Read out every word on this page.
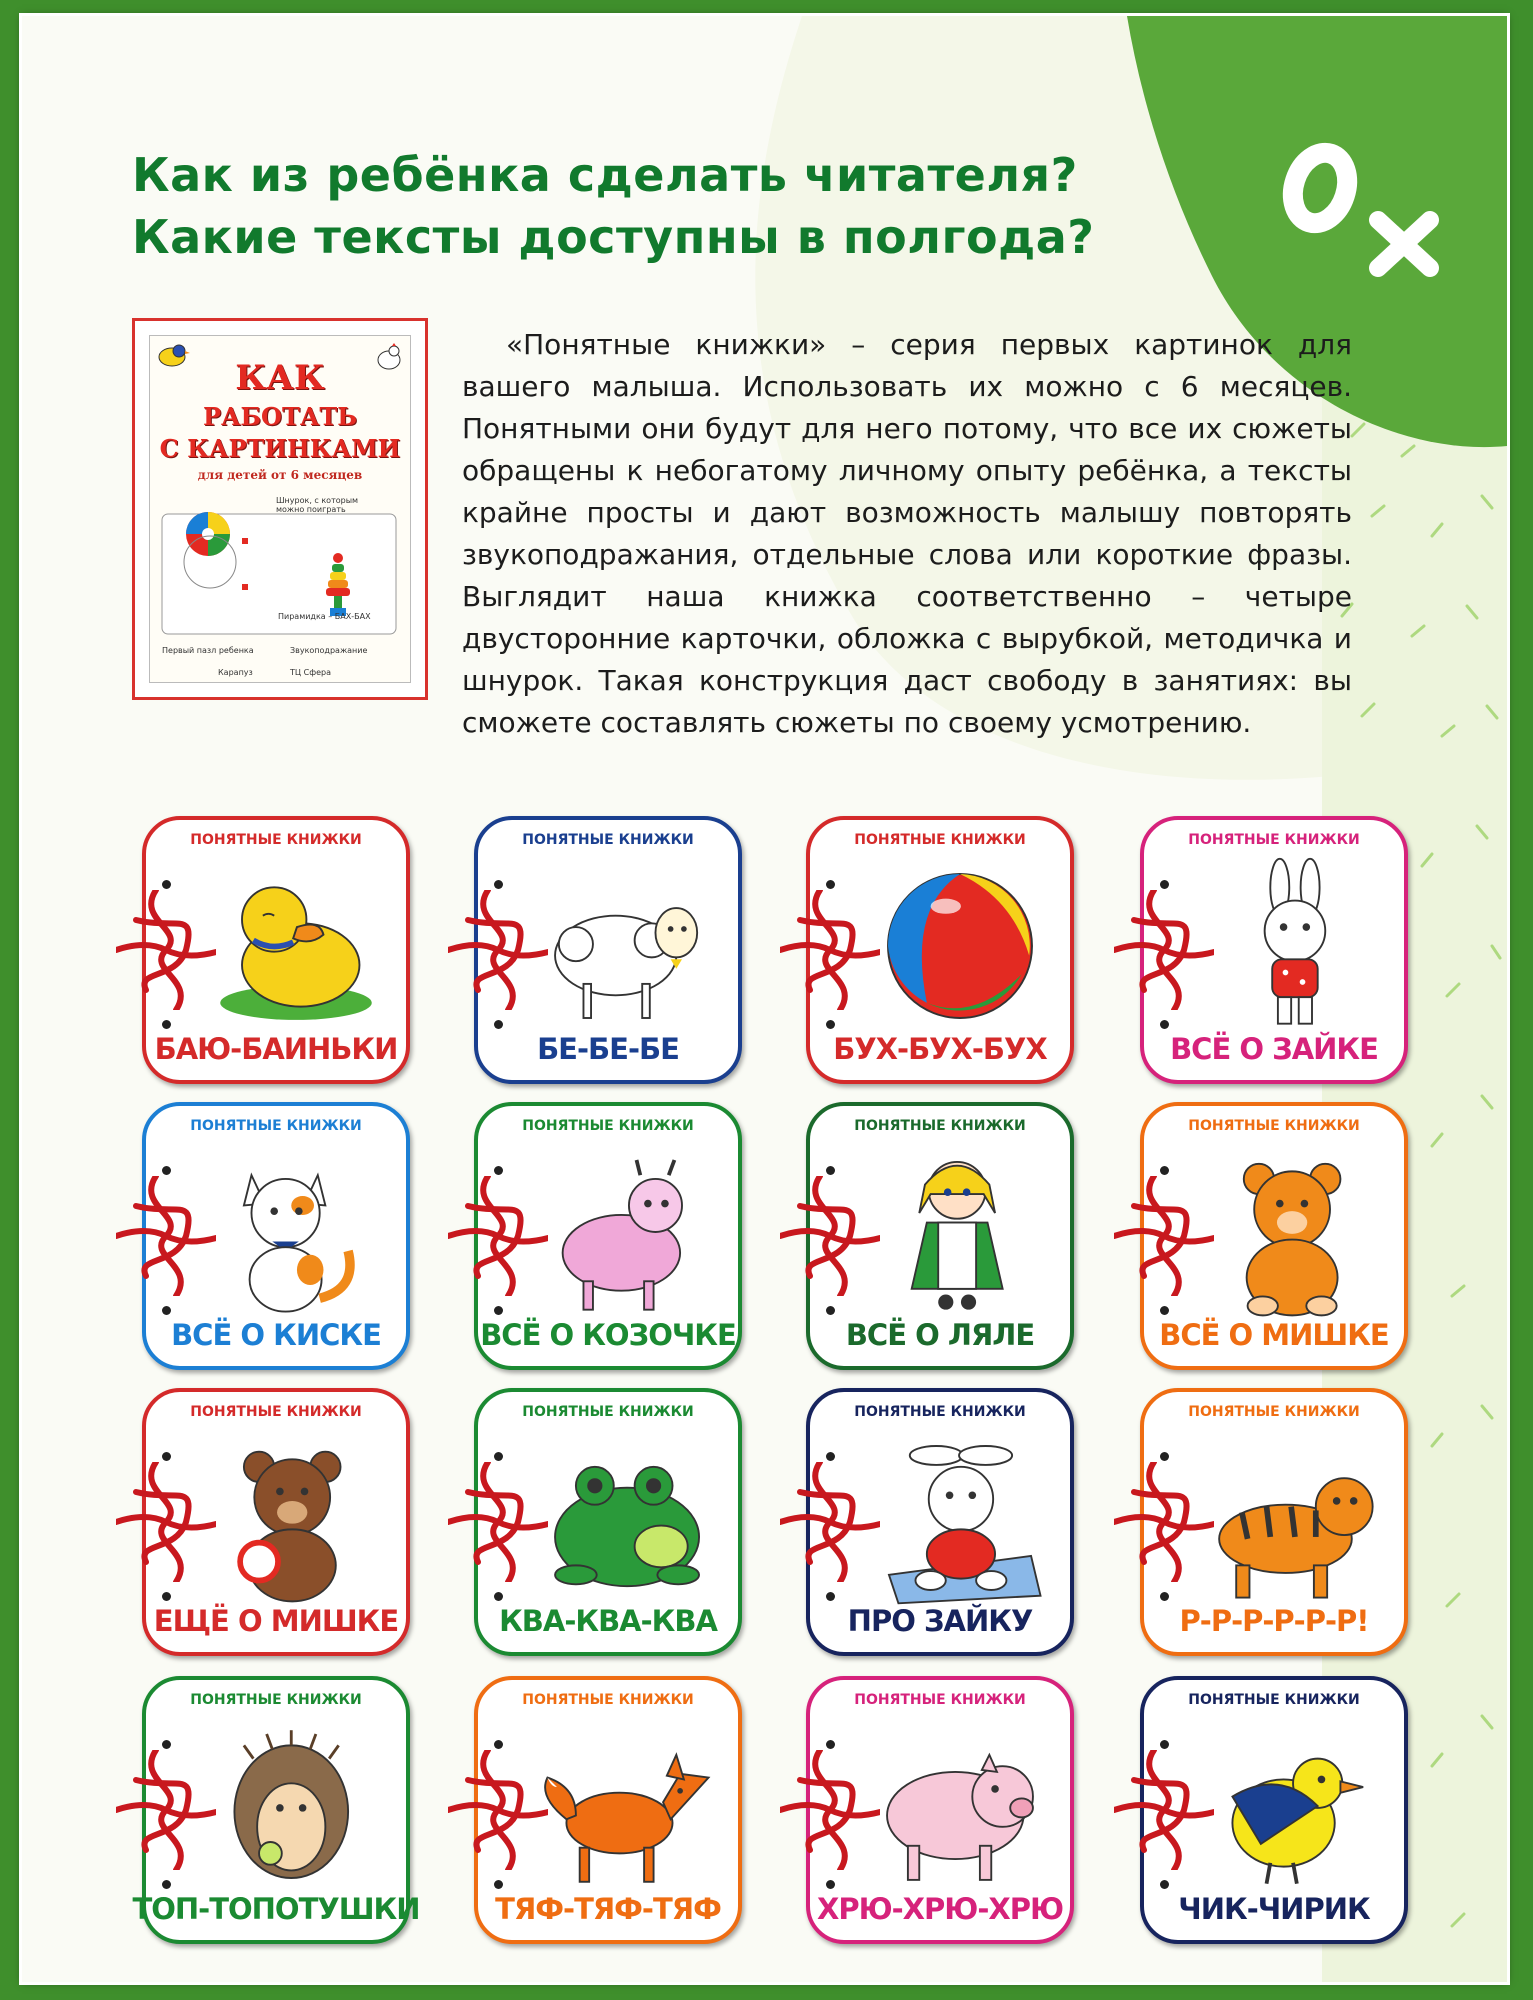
Как из ребёнка сделать читателя?
Какие тексты доступны в полгода?
КАК
РАБОТАТЬ
С КАРТИНКАМИ
для детей от 6 месяцев
Шнурок, с которым можно поиграть
Пирамидка – БАХ-БАХ
Первый пазл ребенка	Звукоподражание
Карапуз	ТЦ Сфера

«Понятные книжки» – серия первых картинок для вашего малыша. Использовать их можно с 6 месяцев. Понятными они будут для него потому, что все их сюжеты обращены к небогатому личному опыту ребёнка, а тексты крайне просты и дают возможность малышу повторять звукоподражания, отдельные слова или короткие фразы. Выглядит наша книжка соответственно – четыре двусторонние карточки, обложка с вырубкой, методичка и шнурок. Такая конструкция даст свободу в занятиях: вы сможете составлять сюжеты по своему усмотрению.

ПОНЯТНЫЕ КНИЖКИ
БАЮ-БАИНЬКИ
ПОНЯТНЫЕ КНИЖКИ
БЕ-БЕ-БЕ
ПОНЯТНЫЕ КНИЖКИ
БУХ-БУХ-БУХ
ПОНЯТНЫЕ КНИЖКИ
ВСЁ О ЗАЙКЕ
ПОНЯТНЫЕ КНИЖКИ
ВСЁ О КИСКЕ
ПОНЯТНЫЕ КНИЖКИ
ВСЁ О КОЗОЧКЕ
ПОНЯТНЫЕ КНИЖКИ
ВСЁ О ЛЯЛЕ
ПОНЯТНЫЕ КНИЖКИ
ВСЁ О МИШКЕ
ПОНЯТНЫЕ КНИЖКИ
ЕЩЁ О МИШКЕ
ПОНЯТНЫЕ КНИЖКИ
КВА-КВА-КВА
ПОНЯТНЫЕ КНИЖКИ
ПРО ЗАЙКУ
ПОНЯТНЫЕ КНИЖКИ
Р-Р-Р-Р-Р-Р!
ПОНЯТНЫЕ КНИЖКИ
ТОП-ТОПОТУШКИ
ПОНЯТНЫЕ КНИЖКИ
ТЯФ-ТЯФ-ТЯФ
ПОНЯТНЫЕ КНИЖКИ
ХРЮ-ХРЮ-ХРЮ
ПОНЯТНЫЕ КНИЖКИ
ЧИК-ЧИРИК
